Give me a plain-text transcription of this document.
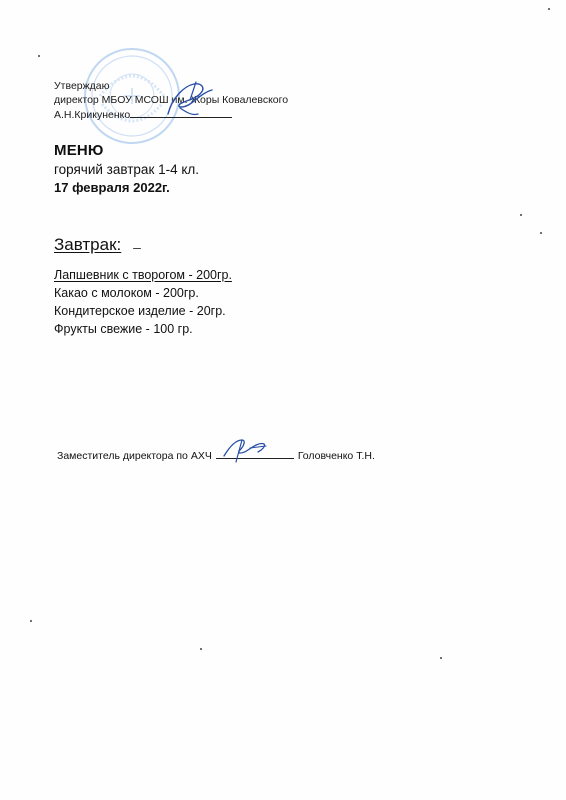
Утверждаю
директор МБОУ МСОШ им. Жоры Ковалевского
А.Н.Крикуненко
МЕНЮ
горячий завтрак 1-4 кл.
17 февраля 2022г.
Завтрак:
Лапшевник с творогом - 200гр.
Какао с молоком - 200гр.
Кондитерское изделие - 20гр.
Фрукты свежие - 100 гр.
Заместитель директора по АХЧ	Головченко Т.Н.
